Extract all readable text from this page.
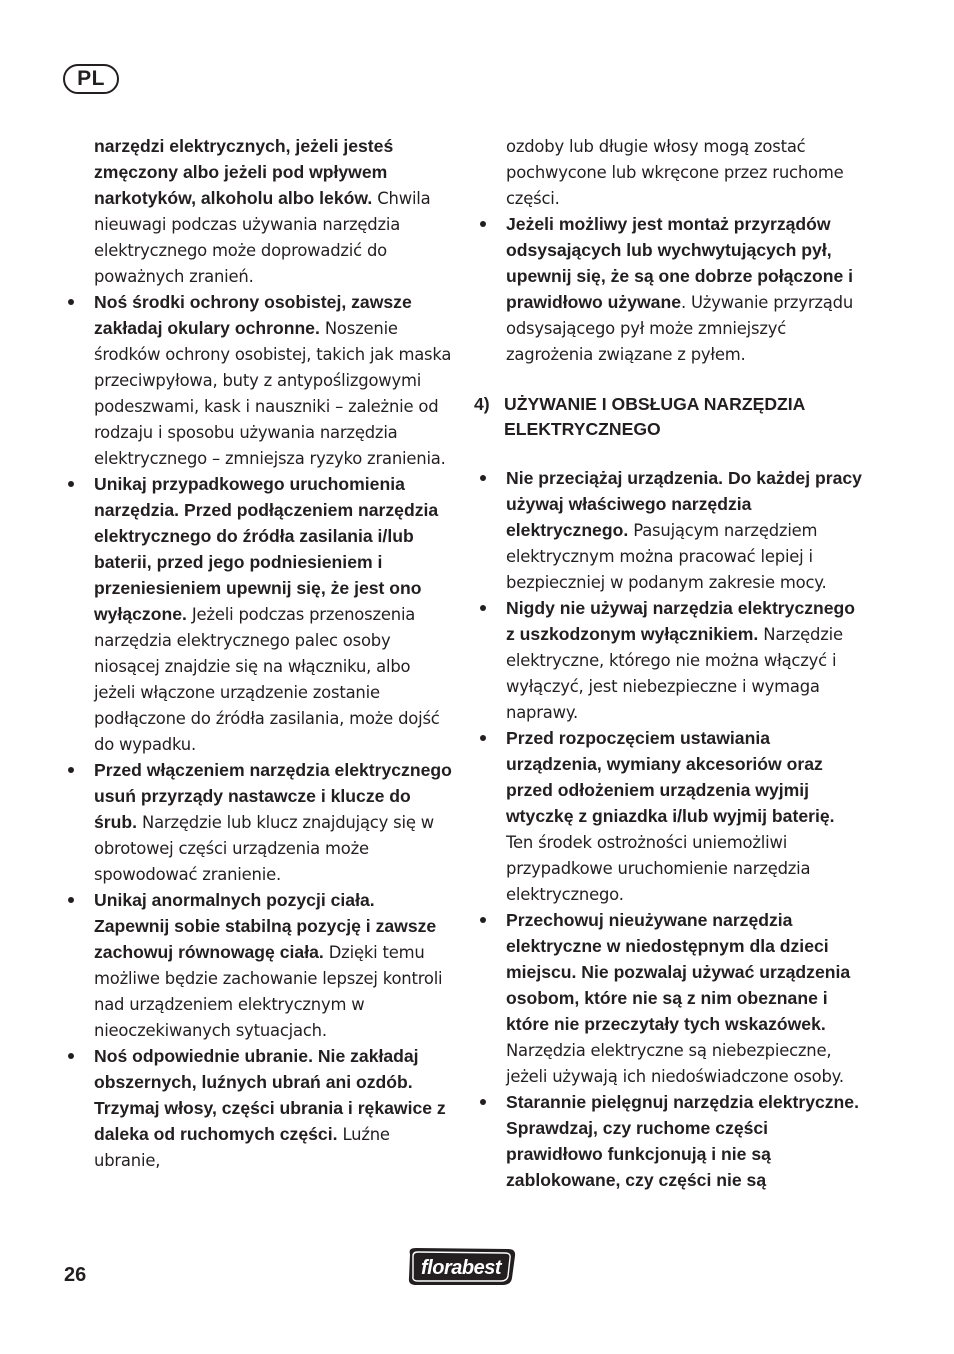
PL
narzędzi elektrycznych, jeżeli jesteś zmęczony albo jeżeli pod wpływem narkotyków, alkoholu albo leków. Chwila nieuwagi podczas używania narzędzia elektrycznego może doprowadzić do poważnych zranień.
Noś środki ochrony osobistej, zawsze zakładaj okulary ochronne. Noszenie środków ochrony osobistej, takich jak maska przeciwpyłowa, buty z antypoślizgowymi podeszwami, kask i nauszniki – zależnie od rodzaju i sposobu używania narzędzia elektrycznego – zmniejsza ryzyko zranienia.
Unikaj przypadkowego uruchomienia narzędzia. Przed podłączeniem narzędzia elektrycznego do źródła zasilania i/lub baterii, przed jego podniesieniem i przeniesieniem upewnij się, że jest ono wyłączone. Jeżeli podczas przenoszenia narzędzia elektrycznego palec osoby niosącej znajdzie się na włączniku, albo jeżeli włączone urządzenie zostanie podłączone do źródła zasilania, może dojść do wypadku.
Przed włączeniem narzędzia elektrycznego usuń przyrządy nastawcze i klucze do śrub. Narzędzie lub klucz znajdujący się w obrotowej części urządzenia może spowodować zranienie.
Unikaj anormalnych pozycji ciała. Zapewnij sobie stabilną pozycję i zawsze zachowuj równowagę ciała. Dzięki temu możliwe będzie zachowanie lepszej kontroli nad urządzeniem elektrycznym w nieoczekiwanych sytuacjach.
Noś odpowiednie ubranie. Nie zakładaj obszernych, luźnych ubrań ani ozdób. Trzymaj włosy, części ubrania i rękawice z daleka od ruchomych części. Luźne ubranie,
ozdoby lub długie włosy mogą zostać pochwycone lub wkręcone przez ruchome części.
Jeżeli możliwy jest montaż przyrządów odsysających lub wychwytujących pył, upewnij się, że są one dobrze połączone i prawidłowo używane. Używanie przyrządu odsysającego pył może zmniejszyć zagrożenia związane z pyłem.
4) UŻYWANIE I OBSŁUGA NARZĘDZIA ELEKTRYCZNEGO
Nie przeciążaj urządzenia. Do każdej pracy używaj właściwego narzędzia elektrycznego. Pasującym narzędziem elektrycznym można pracować lepiej i bezpieczniej w podanym zakresie mocy.
Nigdy nie używaj narzędzia elektrycznego z uszkodzonym wyłącznikiem. Narzędzie elektryczne, którego nie można włączyć i wyłączyć, jest niebezpieczne i wymaga naprawy.
Przed rozpoczęciem ustawiania urządzenia, wymiany akcesoriów oraz przed odłożeniem urządzenia wyjmij wtyczkę z gniazdka i/lub wyjmij baterię. Ten środek ostrożności uniemożliwi przypadkowe uruchomienie narzędzia elektrycznego.
Przechowuj nieużywane narzędzia elektryczne w niedostępnym dla dzieci miejscu. Nie pozwalaj używać urządzenia osobom, które nie są z nim obeznane i które nie przeczytały tych wskazówek. Narzędzia elektryczne są niebezpieczne, jeżeli używają ich niedoświadczone osoby.
Starannie pielęgnuj narzędzia elektryczne. Sprawdzaj, czy ruchome części prawidłowo funkcjonują i nie są zablokowane, czy części nie są
26	florabest
